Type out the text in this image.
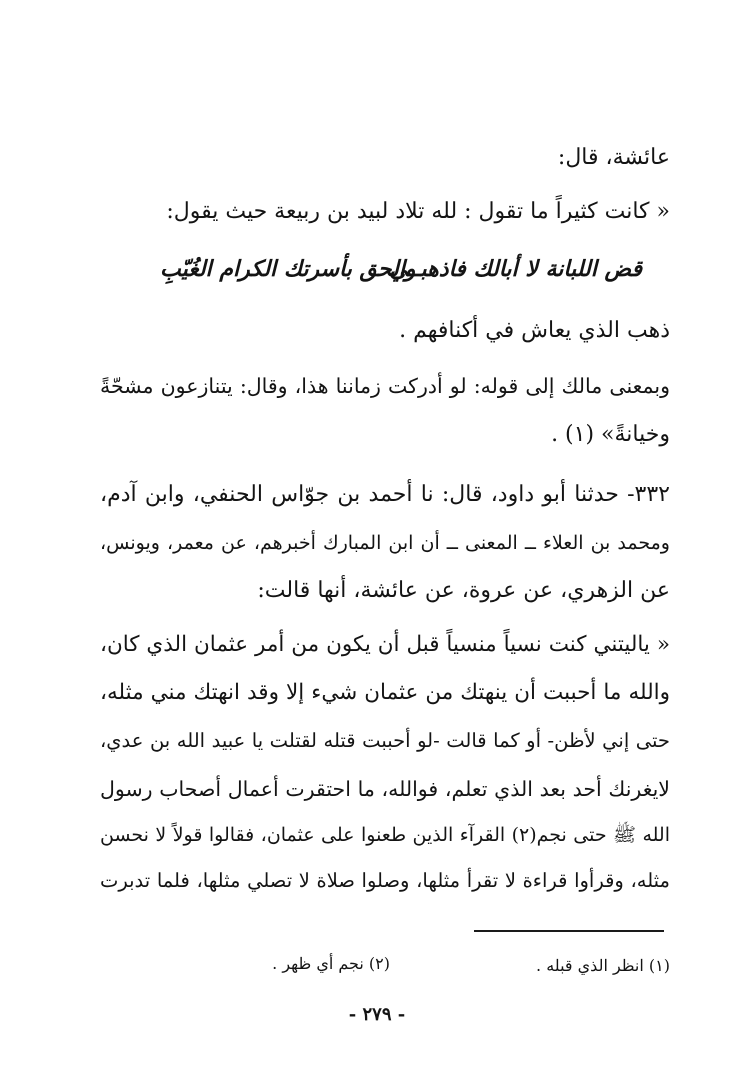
عائشة، قال:
« كانت كثيراً ما تقول : لله تلاد لبيد بن ربيعة حيث يقول:
قض اللبانة لا أبالك فاذهبــي
والحق بأسرتك الكرام الغُيّبِ
ذهب الذي يعاش في أكنافهم .
وبمعنى مالك إلى قوله: لو أدركت زماننا هذا، وقال: يتنازعون مشحّةً
وخيانةً» (١) .
٣٣٢- حدثنا أبو داود، قال: نا أحمد بن جوّاس الحنفي، وابن آدم،
ومحمد بن العلاء ــ المعنى ــ أن ابن المبارك أخبرهم، عن معمر، ويونس،
عن الزهري، عن عروة، عن عائشة، أنها قالت:
« ياليتني كنت نسياً منسياً قبل أن يكون من أمر عثمان الذي كان،
والله ما أحببت أن ينهتك من عثمان شيء إلا وقد انهتك مني مثله،
حتى إني لأظن- أو كما قالت -لو أحببت قتله لقتلت يا عبيد الله بن عدي،
لايغرنك أحد بعد الذي تعلم، فوالله، ما احتقرت أعمال أصحاب رسول
الله ﷺ حتى نجم(٢) القرآء الذين طعنوا على عثمان، فقالوا قولاً لا نحسن
مثله، وقرأوا قراءة لا تقرأ مثلها، وصلوا صلاة لا تصلي مثلها، فلما تدبرت
(١) انظر الذي قبله .
(٢) نجم أي ظهر .
- ٢٧٩ -
